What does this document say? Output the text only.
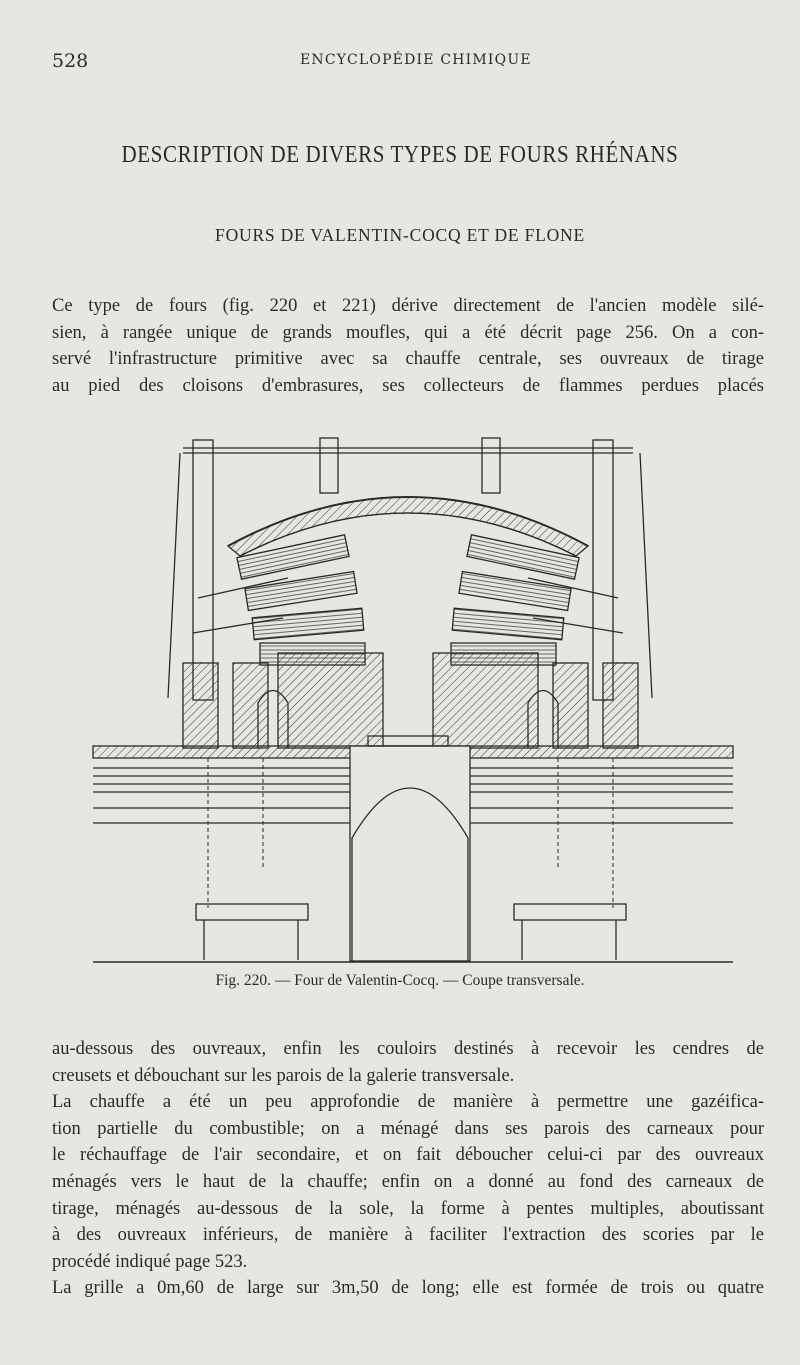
528	ENCYCLOPÉDIE CHIMIQUE
DESCRIPTION DE DIVERS TYPES DE FOURS RHÉNANS
FOURS DE VALENTIN-COCQ ET DE FLONE
Ce type de fours (fig. 220 et 221) dérive directement de l'ancien modèle silé-
sien, à rangée unique de grands moufles, qui a été décrit page 256. On a con-
servé l'infrastructure primitive avec sa chauffe centrale, ses ouvreaux de tirage
au pied des cloisons d'embrasures, ses collecteurs de flammes perdues placés
Fig. 220. — Four de Valentin-Cocq. — Coupe transversale.
au-dessous des ouvreaux, enfin les couloirs destinés à recevoir les cendres de
creusets et débouchant sur les parois de la galerie transversale.
La chauffe a été un peu approfondie de manière à permettre une gazéifica-
tion partielle du combustible; on a ménagé dans ses parois des carneaux pour
le réchauffage de l'air secondaire, et on fait déboucher celui-ci par des ouvreaux
ménagés vers le haut de la chauffe; enfin on a donné au fond des carneaux de
tirage, ménagés au-dessous de la sole, la forme à pentes multiples, aboutissant
à des ouvreaux inférieurs, de manière à faciliter l'extraction des scories par le
procédé indiqué page 523.
La grille a 0m,60 de large sur 3m,50 de long; elle est formée de trois ou quatre
